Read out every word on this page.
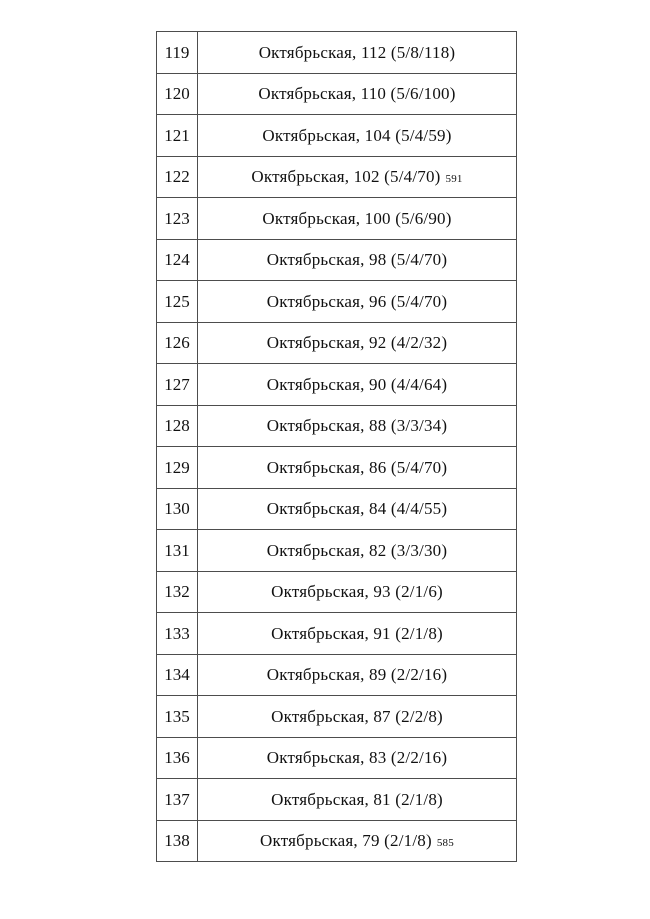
119	Октябрьская, 112 (5/8/118)
120	Октябрьская, 110 (5/6/100)
121	Октябрьская, 104 (5/4/59)
122	Октябрьская, 102 (5/4/70) 591
123	Октябрьская, 100 (5/6/90)
124	Октябрьская, 98 (5/4/70)
125	Октябрьская, 96 (5/4/70)
126	Октябрьская, 92 (4/2/32)
127	Октябрьская, 90 (4/4/64)
128	Октябрьская, 88 (3/3/34)
129	Октябрьская, 86 (5/4/70)
130	Октябрьская, 84 (4/4/55)
131	Октябрьская, 82 (3/3/30)
132	Октябрьская, 93 (2/1/6)
133	Октябрьская, 91 (2/1/8)
134	Октябрьская, 89 (2/2/16)
135	Октябрьская, 87 (2/2/8)
136	Октябрьская, 83 (2/2/16)
137	Октябрьская, 81 (2/1/8)
138	Октябрьская, 79 (2/1/8) 585
